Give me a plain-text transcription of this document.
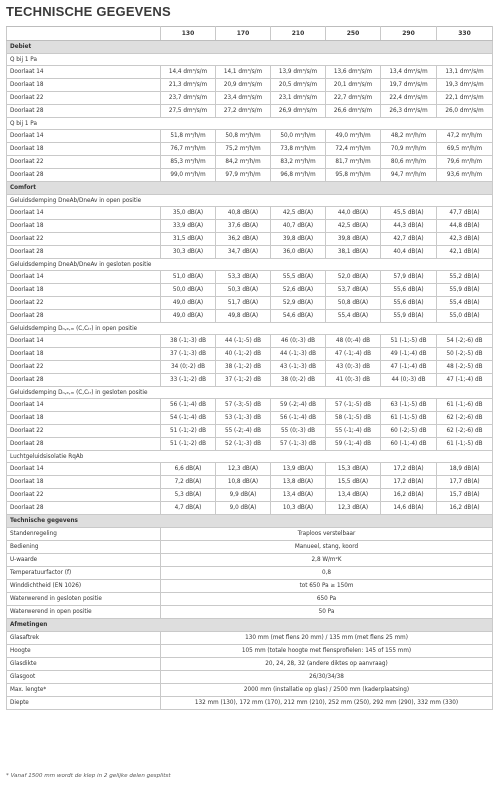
TECHNISCHE GEGEVENS
	130	170	210	250	290	330
Debiet						
Q bij 1 Pa						
Doorlaat 14	14,4 dm³/s/m	14,1 dm³/s/m	13,9 dm³/s/m	13,6 dm³/s/m	13,4 dm³/s/m	13,1 dm³/s/m
Doorlaat 18	21,3 dm³/s/m	20,9 dm³/s/m	20,5 dm³/s/m	20,1 dm³/s/m	19,7 dm³/s/m	19,3 dm³/s/m
Doorlaat 22	23,7 dm³/s/m	23,4 dm³/s/m	23,1 dm³/s/m	22,7 dm³/s/m	22,4 dm³/s/m	22,1 dm³/s/m
Doorlaat 28	27,5 dm³/s/m	27,2 dm³/s/m	26,9 dm³/s/m	26,6 dm³/s/m	26,3 dm³/s/m	26,0 dm³/s/m
Q bij 1 Pa						
Doorlaat 14	51,8 m³/h/m	50,8 m³/h/m	50,0 m³/h/m	49,0 m³/h/m	48,2 m³/h/m	47,2 m³/h/m
Doorlaat 18	76,7 m³/h/m	75,2 m³/h/m	73,8 m³/h/m	72,4 m³/h/m	70,9 m³/h/m	69,5 m³/h/m
Doorlaat 22	85,3 m³/h/m	84,2 m³/h/m	83,2 m³/h/m	81,7 m³/h/m	80,6 m³/h/m	79,6 m³/h/m
Doorlaat 28	99,0 m³/h/m	97,9 m³/h/m	96,8 m³/h/m	95,8 m³/h/m	94,7 m³/h/m	93,6 m³/h/m
Comfort						
Geluidsdemping DneAb/DneAv in open positie						
Doorlaat 14	35,0 dB(A)	40,8 dB(A)	42,5 dB(A)	44,0 dB(A)	45,5 dB(A)	47,7 dB(A)
Doorlaat 18	33,9 dB(A)	37,6 dB(A)	40,7 dB(A)	42,5 dB(A)	44,3 dB(A)	44,8 dB(A)
Doorlaat 22	31,5 dB(A)	36,2 dB(A)	39,8 dB(A)	39,8 dB(A)	42,7 dB(A)	42,3 dB(A)
Doorlaat 28	30,3 dB(A)	34,7 dB(A)	36,0 dB(A)	38,1 dB(A)	40,4 dB(A)	42,1 dB(A)
Geluidsdemping DneAb/DneAv in gesloten positie						
Doorlaat 14	51,0 dB(A)	53,3 dB(A)	55,5 dB(A)	52,0 dB(A)	57,9 dB(A)	55,2 dB(A)
Doorlaat 18	50,0 dB(A)	50,3 dB(A)	52,6 dB(A)	53,7 dB(A)	55,6 dB(A)	55,9 dB(A)
Doorlaat 22	49,0 dB(A)	51,7 dB(A)	52,9 dB(A)	50,8 dB(A)	55,6 dB(A)	55,4 dB(A)
Doorlaat 28	49,0 dB(A)	49,8 dB(A)	54,6 dB(A)	55,4 dB(A)	55,9 dB(A)	55,0 dB(A)
Geluidsdemping Dₙ,ₑ,ₘ (C,Cₜᵣ) in open positie						
Doorlaat 14	38 (-1;-3) dB	44 (-1;-5) dB	46 (0;-3) dB	48 (0;-4) dB	51 (-1;-5) dB	54 (-2;-6) dB
Doorlaat 18	37 (-1;-3) dB	40 (-1;-2) dB	44 (-1;-3) dB	47 (-1;-4) dB	49 (-1;-4) dB	50 (-2;-5) dB
Doorlaat 22	34 (0;-2) dB	38 (-1;-2) dB	43 (-1;-3) dB	43 (0;-3) dB	47 (-1;-4) dB	48 (-2;-5) dB
Doorlaat 28	33 (-1;-2) dB	37 (-1;-2) dB	38 (0;-2) dB	41 (0;-3) dB	44 (0;-3) dB	47 (-1;-4) dB
Geluidsdemping Dₙ,ₑ,ₘ (C,Cₜᵣ) in gesloten positie						
Doorlaat 14	56 (-1;-4) dB	57 (-3;-5) dB	59 (-2;-4) dB	57 (-1;-5) dB	63 (-1;-5) dB	61 (-1;-6) dB
Doorlaat 18	54 (-1;-4) dB	53 (-1;-3) dB	56 (-1;-4) dB	58 (-1;-5) dB	61 (-1;-5) dB	62 (-2;-6) dB
Doorlaat 22	51 (-1;-2) dB	55 (-2;-4) dB	55 (0;-3) dB	55 (-1;-4) dB	60 (-2;-5) dB	62 (-2;-6) dB
Doorlaat 28	51 (-1;-2) dB	52 (-1;-3) dB	57 (-1;-3) dB	59 (-1;-4) dB	60 (-1;-4) dB	61 (-1;-5) dB
Luchtgeluidsisolatie RqAb						
Doorlaat 14	6,6 dB(A)	12,3 dB(A)	13,9 dB(A)	15,3 dB(A)	17,2 dB(A)	18,9 dB(A)
Doorlaat 18	7,2 dB(A)	10,8 dB(A)	13,8 dB(A)	15,5 dB(A)	17,2 dB(A)	17,7 dB(A)
Doorlaat 22	5,3 dB(A)	9,9 dB(A)	13,4 dB(A)	13,4 dB(A)	16,2 dB(A)	15,7 dB(A)
Doorlaat 28	4,7 dB(A)	9,0 dB(A)	10,3 dB(A)	12,3 dB(A)	14,6 dB(A)	16,2 dB(A)
Technische gegevens						
Standenregeling	Traploos verstelbaar					
Bediening	Manueel, stang, koord					
U-waarde	2,8 W/m²K					
Temperatuurfactor (f)	0,8					
Winddichtheid (EN 1026)	tot 650 Pa ≥ 150m					
Waterwerend in gesloten positie	650 Pa					
Waterwerend in open positie	50 Pa					
Afmetingen						
Glasaftrek	130 mm (met flens 20 mm) / 135 mm (met flens 25 mm)					
Hoogte	105 mm (totale hoogte met flensprofielen: 145 of 155 mm)					
Glasdikte	20, 24, 28, 32 (andere diktes op aanvraag)					
Glasgoot	26/30/34/38					
Max. lengte*	2000 mm (installatie op glas) / 2500 mm (kaderplaatsing)					
Diepte	132 mm (130), 172 mm (170), 212 mm (210), 252 mm (250), 292 mm (290), 332 mm (330)					
* Vanaf 1500 mm wordt de klep in 2 gelijke delen gesplitst
